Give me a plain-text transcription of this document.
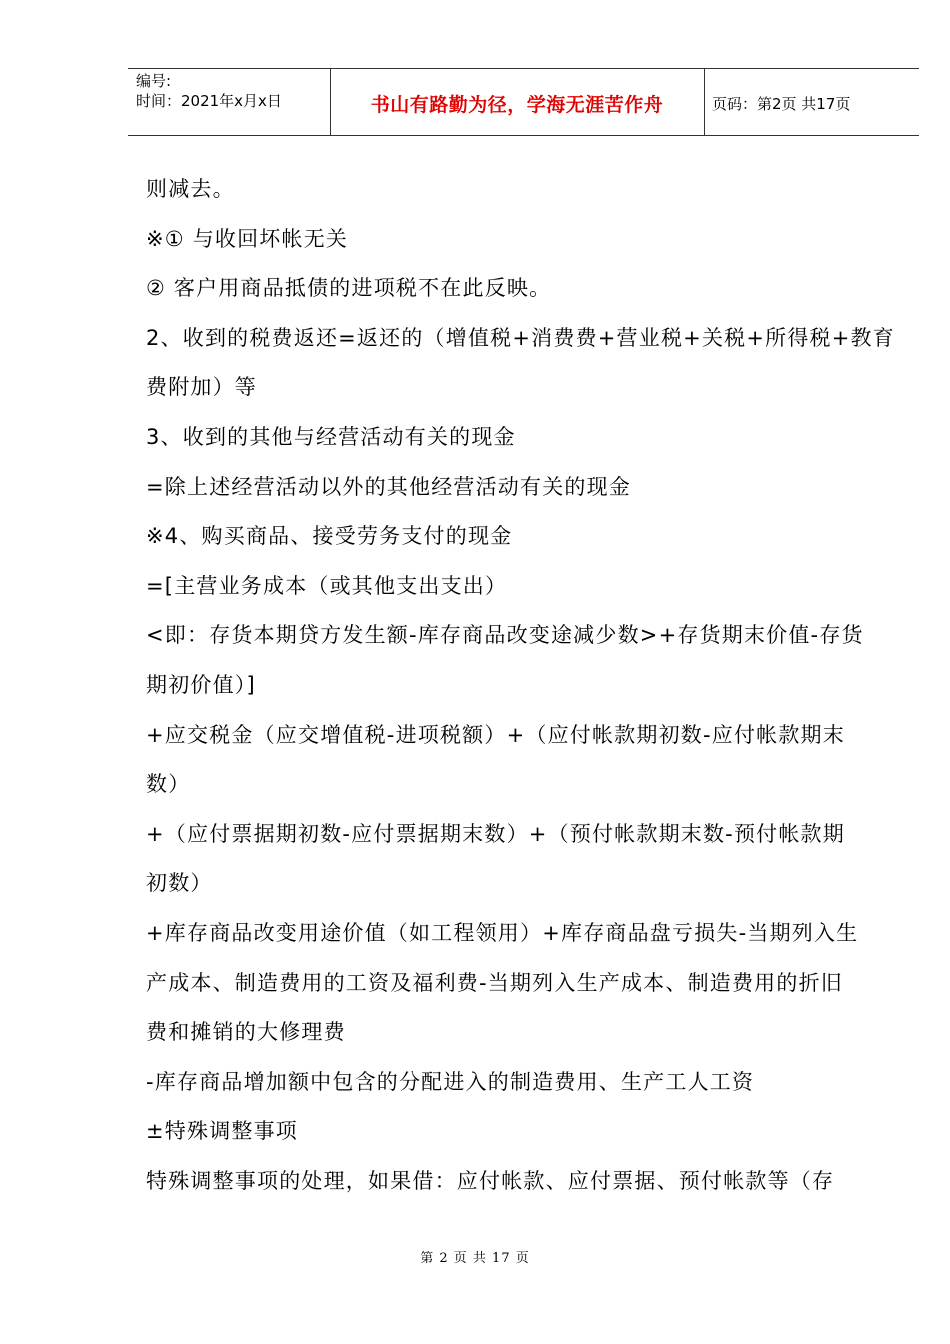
编号:
时间：2021年x月x日	书山有路勤为径，学海无涯苦作舟	页码：第2页 共17页
则减去。
※① 与收回坏帐无关
② 客户用商品抵债的进项税不在此反映。
2、收到的税费返还=返还的（增值税+消费费+营业税+关税+所得税+教育
费附加）等
3、收到的其他与经营活动有关的现金
=除上述经营活动以外的其他经营活动有关的现金
※4、购买商品、接受劳务支付的现金
=[主营业务成本（或其他支出支出）
<即：存货本期贷方发生额-库存商品改变途减少数>+存货期末价值-存货
期初价值）]
+应交税金（应交增值税-进项税额）+（应付帐款期初数-应付帐款期末
数）
+（应付票据期初数-应付票据期末数）+（预付帐款期末数-预付帐款期
初数）
+库存商品改变用途价值（如工程领用）+库存商品盘亏损失-当期列入生
产成本、制造费用的工资及福利费-当期列入生产成本、制造费用的折旧
费和摊销的大修理费
-库存商品增加额中包含的分配进入的制造费用、生产工人工资
±特殊调整事项
特殊调整事项的处理，如果借：应付帐款、应付票据、预付帐款等（存
第 2 页 共 17 页
